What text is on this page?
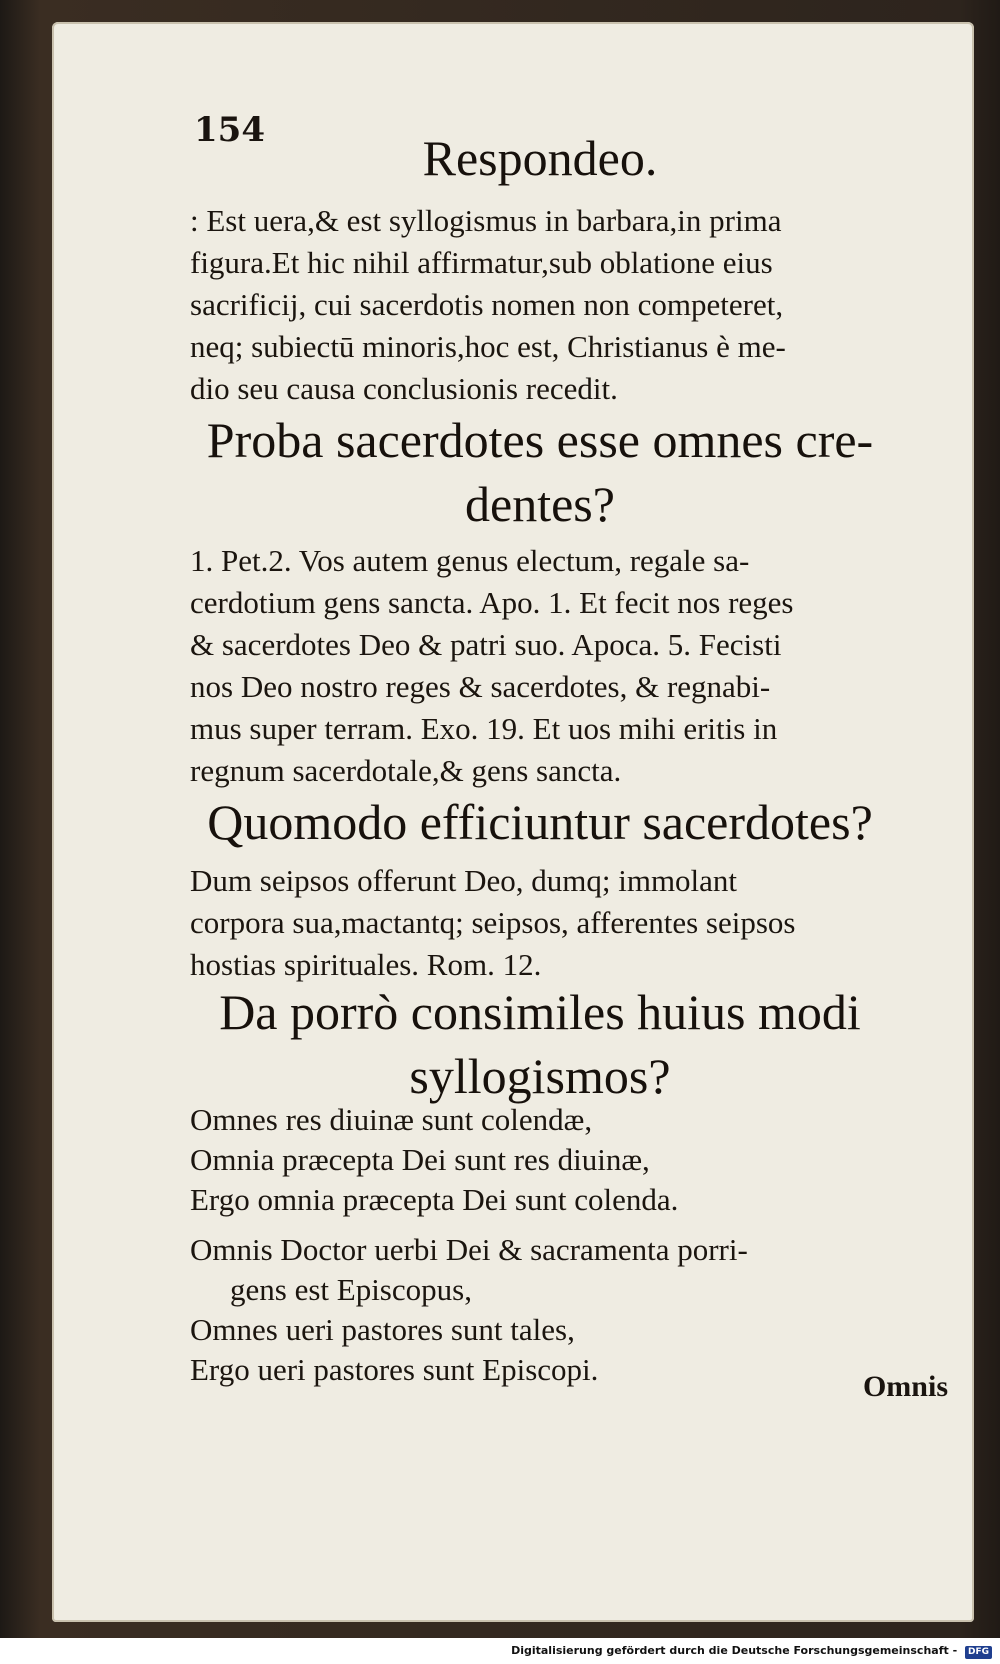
154	Respondeo.
: Est uera,& est syllogismus in barbara,in prima
figura.Et hic nihil affirmatur,sub oblatione eius
sacrificij, cui sacerdotis nomen non competeret,
neq; subiectū minoris,hoc est, Christianus è me-
dio seu causa conclusionis recedit.
Proba sacerdotes esse omnes cre-
dentes?
1. Pet.2. Vos autem genus electum, regale sa-
cerdotium gens sancta. Apo. 1. Et fecit nos reges
& sacerdotes Deo & patri suo. Apoca. 5. Fecisti
nos Deo nostro reges & sacerdotes, & regnabi-
mus super terram. Exo. 19. Et uos mihi eritis in
regnum sacerdotale,& gens sancta.
Quomodo efficiuntur sacerdotes?
Dum seipsos offerunt Deo, dumq; immolant
corpora sua,mactantq; seipsos, afferentes seipsos
hostias spirituales. Rom. 12.
Da porrò consimiles huius modi
syllogismos?
Omnes res diuinæ sunt colendæ,
Omnia præcepta Dei sunt res diuinæ,
Ergo omnia præcepta Dei sunt colenda.
Omnis Doctor uerbi Dei & sacramenta porri-
gens est Episcopus,
Omnes ueri pastores sunt tales,
Ergo ueri pastores sunt Episcopi.	Omnis
Digitalisierung gefördert durch die Deutsche Forschungsgemeinschaft - DFG
